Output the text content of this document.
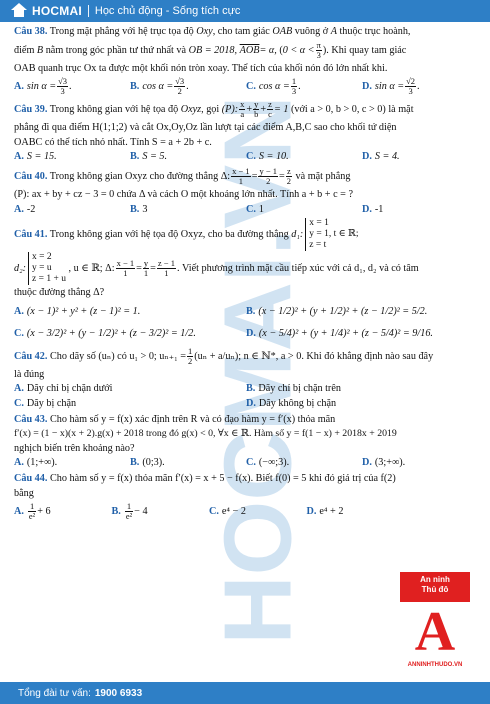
HOCMAI Học chủ động - Sống tích cực
HOCMAI.VN
Câu 38. Trong mặt phẳng với hệ trục tọa độ Oxy, cho tam giác OAB vuông ở A thuộc trục hoành,
điểm B nằm trong góc phần tư thứ nhất và OB = 2018, $\overline{AOB}= \alpha$, ($0 < \alpha < \frac{\pi}{3}$ ). Khi quay tam giác
OAB quanh trục Ox ta được một khối nón tròn xoay. Thể tích của khối nón đó lớn nhất khi.
A. $\sin \alpha = \frac{√3}{3}$ .	B. $\cos \alpha = \frac{√3}{2}$ .	C. $\cos \alpha = \frac{1}{3}$ .	D. $\sin \alpha = \frac{√2}{3}$ .
Câu 39. Trong không gian với hệ tọa độ Oxyz, gọi (P): $\frac{x}{a} + \frac{y}{b} + \frac{z}{c} = 1$ (với a > 0, b > 0, c > 0) là mặt
phẳng đi qua điểm H(1;1;2) và cắt Ox,Oy,Oz lần lượt tại các điểm A,B,C sao cho khối tứ diện
OABC có thể tích nhỏ nhất. Tính S = a + 2b + c.
A. S = 15.	B. S = 5.	C. S = 10.	D. S = 4.
Câu 40. Trong không gian Oxyz cho đường thẳng Δ: $\frac{x - 1}{1} = \frac{y - 1}{2} = \frac{z}{2}$ và mặt phẳng
(P): ax + by + cz − 3 = 0 chứa Δ và cách O một khoảng lớn nhất. Tính a + b + c = ?
A. -2	B. 3	C. 1	D. -1
Câu 41. Trong không gian với hệ tọa độ Oxyz, cho ba đường thẳng d₁:
x = 1
y = 1, t ∈ ℝ;
z = t
d₂:
x = 2
y = u
z = 1 + u
, u ∈ ℝ; Δ: $\frac{x - 1}{1} = \frac{y}{1} = \frac{z - 1}{1}$ . Viết phương trình mặt cầu tiếp xúc với cả d₁, d₂ và có tâm
thuộc đường thẳng Δ?
A. (x − 1)² + y² + (z − 1)² = 1.	B. (x − 1/2)² + (y + 1/2)² + (z − 1/2)² = 5/2.
C. (x − 3/2)² + (y − 1/2)² + (z − 3/2)² = 1/2.	D. (x − 5/4)² + (y + 1/4)² + (z − 5/4)² = 9/16.
Câu 42. Cho dãy số (uₙ) có u₁ > 0; $u_{n+1} = \frac{1}{2} (u_n + a/u_n)$; n ∈ ℕ*, a > 0. Khi đó khẳng định nào sau đây
là đúng
A. Dãy chỉ bị chặn dưới	B. Dãy chỉ bị chặn trên
C. Dãy bị chặn	D. Dãy không bị chặn
Câu 43. Cho hàm số y = f(x) xác định trên R và có đạo hàm y = f′(x) thỏa mãn
f′(x) = (1 − x)(x + 2).g(x) + 2018 trong đó g(x) < 0, ∀x ∈ ℝ. Hàm số y = f(1 − x) + 2018x + 2019
nghịch biến trên khoảng nào?
A. (1;+∞).	B. (0;3).	C. (−∞;3).	D. (3;+∞).
Câu 44. Cho hàm số y = f(x) thỏa mãn f′(x) = x + 5 − f(x). Biết f(0) = 5 khi đó giá trị của f(2)
bằng
A. $\frac{1}{\text{e²}} + 6$	B. $\frac{1}{\text{e²}} - 4$	C. e⁴ − 2	D. e⁴ + 2
An ninh
Thủ đô
A
ANNINHTHUDO.VN
Tổng đài tư vấn: 1900 6933
